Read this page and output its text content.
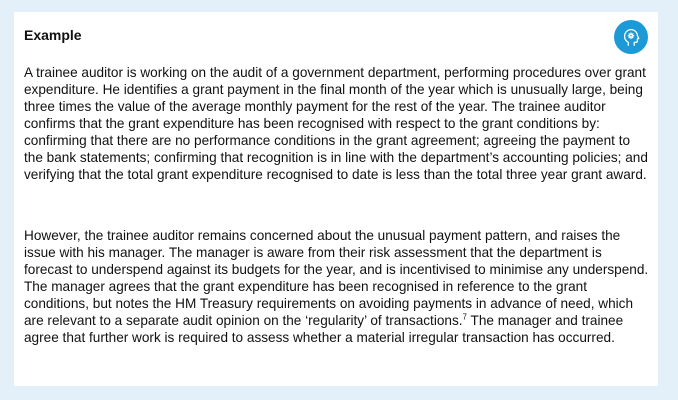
Example

A trainee auditor is working on the audit of a government department, performing procedures over grant expenditure. He identifies a grant payment in the final month of the year which is unusually large, being three times the value of the average monthly payment for the rest of the year. The trainee auditor confirms that the grant expenditure has been recognised with respect to the grant conditions by: confirming that there are no performance conditions in the grant agreement; agreeing the payment to the bank statements; confirming that recognition is in line with the department’s accounting policies; and verifying that the total grant expenditure recognised to date is less than the total three year grant award.

However, the trainee auditor remains concerned about the unusual payment pattern, and raises the issue with his manager. The manager is aware from their risk assessment that the department is forecast to underspend against its budgets for the year, and is incentivised to minimise any underspend. The manager agrees that the grant expenditure has been recognised in reference to the grant conditions, but notes the HM Treasury requirements on avoiding payments in advance of need, which are relevant to a separate audit opinion on the ‘regularity’ of transactions.$^7$ The manager and trainee agree that further work is required to assess whether a material irregular transaction has occurred.
